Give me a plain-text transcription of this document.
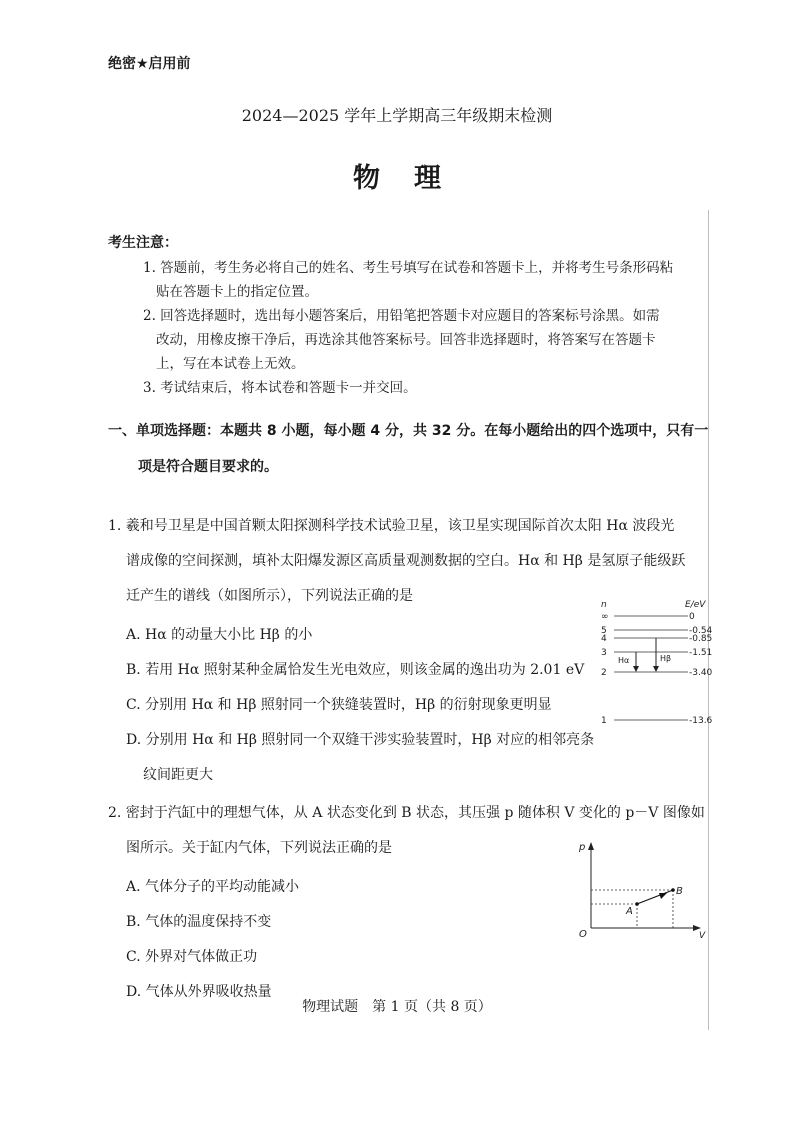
绝密★启用前
2024—2025 学年上学期高三年级期末检测
物理
考生注意：
1. 答题前，考生务必将自己的姓名、考生号填写在试卷和答题卡上，并将考生号条形码粘
贴在答题卡上的指定位置。
2. 回答选择题时，选出每小题答案后，用铅笔把答题卡对应题目的答案标号涂黑。如需
改动，用橡皮擦干净后，再选涂其他答案标号。回答非选择题时，将答案写在答题卡
上，写在本试卷上无效。
3. 考试结束后，将本试卷和答题卡一并交回。
一、单项选择题：本题共 8 小题，每小题 4 分，共 32 分。在每小题给出的四个选项中，只有一
项是符合题目要求的。
1. 羲和号卫星是中国首颗太阳探测科学技术试验卫星，该卫星实现国际首次太阳 Hα 波段光
谱成像的空间探测，填补太阳爆发源区高质量观测数据的空白。Hα 和 Hβ 是氢原子能级跃
迁产生的谱线（如图所示），下列说法正确的是
A. Hα 的动量大小比 Hβ 的小
B. 若用 Hα 照射某种金属恰发生光电效应，则该金属的逸出功为 2.01 eV
C. 分别用 Hα 和 Hβ 照射同一个狭缝装置时，Hβ 的衍射现象更明显
D. 分别用 Hα 和 Hβ 照射同一个双缝干涉实验装置时，Hβ 对应的相邻亮条
纹间距更大
n	E/eV
∞	0
5	-0.54
4	-0.85
3	-1.51
2	-3.40
1	-13.6
Hα	Hβ
2. 密封于汽缸中的理想气体，从 A 状态变化到 B 状态，其压强 p 随体积 V 变化的 p－V 图像如
图所示。关于缸内气体，下列说法正确的是
A. 气体分子的平均动能减小
B. 气体的温度保持不变
C. 外界对气体做正功
D. 气体从外界吸收热量
p
V
O
A
B
物理试题　第 1 页（共 8 页）
